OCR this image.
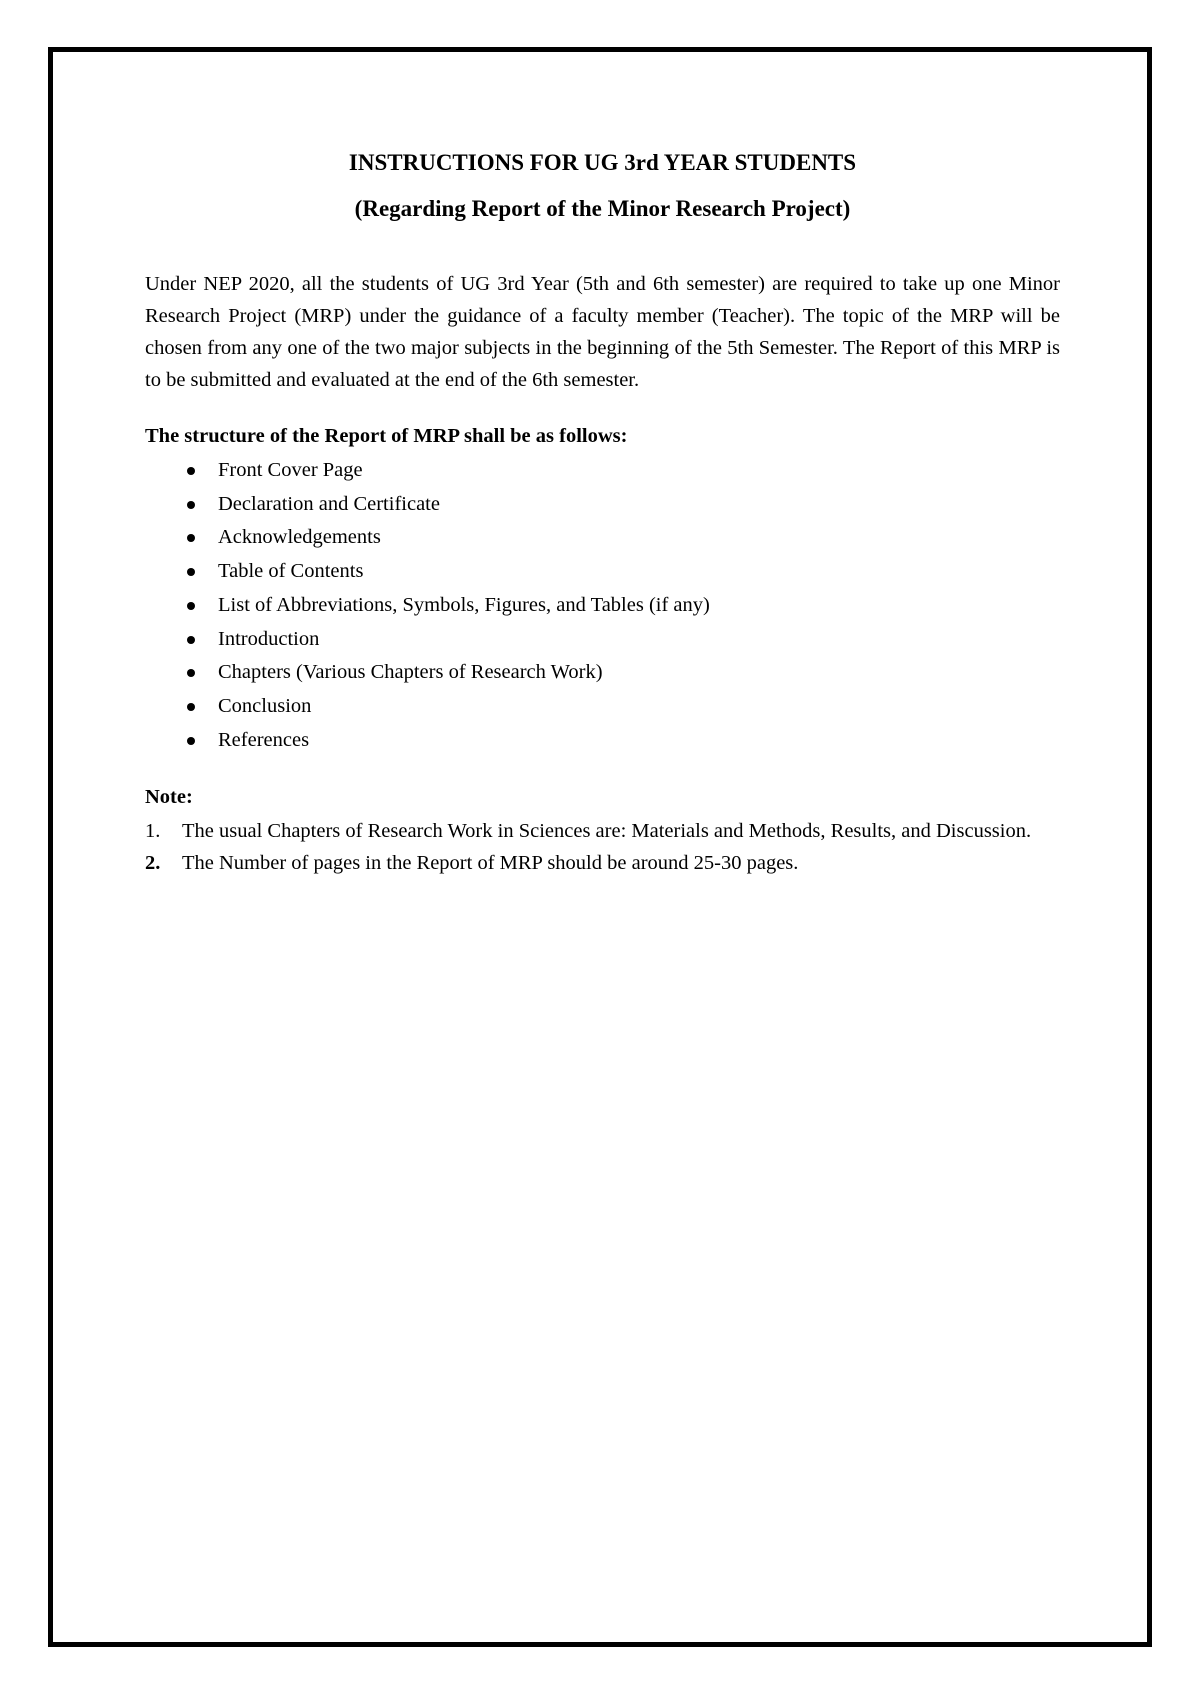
INSTRUCTIONS FOR UG 3rd YEAR STUDENTS

(Regarding Report of the Minor Research Project)

Under NEP 2020, all the students of UG 3rd Year (5th and 6th semester) are required to take up one Minor Research Project (MRP) under the guidance of a faculty member (Teacher). The topic of the MRP will be chosen from any one of the two major subjects in the beginning of the 5th Semester. The Report of this MRP is to be submitted and evaluated at the end of the 6th semester.

The structure of the Report of MRP shall be as follows:

Front Cover Page
Declaration and Certificate
Acknowledgements
Table of Contents
List of Abbreviations, Symbols, Figures, and Tables (if any)
Introduction
Chapters (Various Chapters of Research Work)
Conclusion
References

Note:

1. The usual Chapters of Research Work in Sciences are: Materials and Methods, Results, and Discussion.
2. The Number of pages in the Report of MRP should be around 25-30 pages.
